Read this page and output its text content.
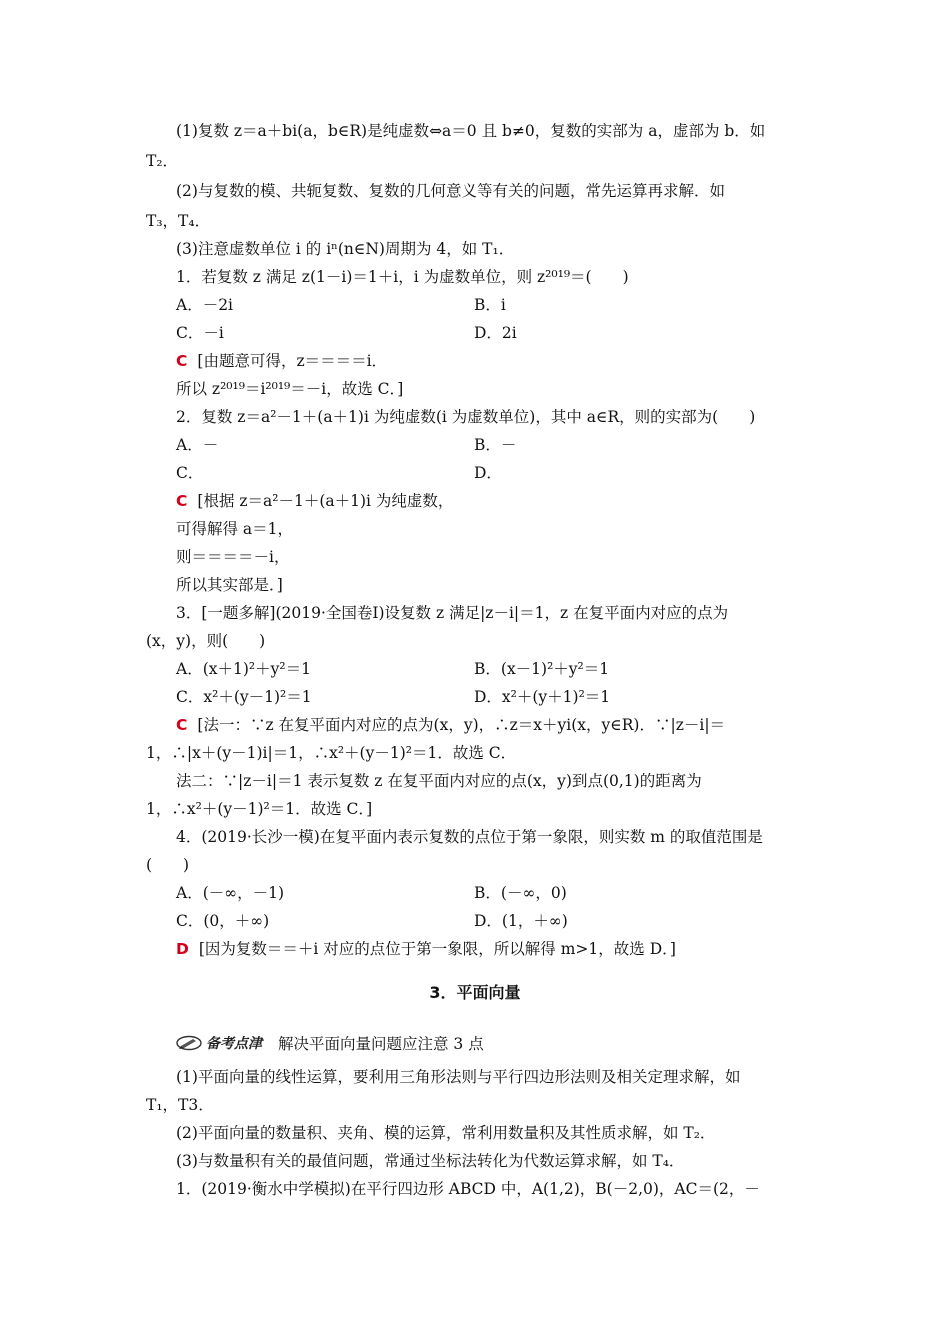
(1)复数 z＝a＋bi(a，b∈R)是纯虚数⇔a＝0 且 b≠0，复数的实部为 a，虚部为 b．如
T₂．
(2)与复数的模、共轭复数、复数的几何意义等有关的问题，常先运算再求解．如
T₃，T₄．
(3)注意虚数单位 i 的 iⁿ(n∈N)周期为 4，如 T₁．
1．若复数 z 满足 z(1－i)＝1＋i，i 为虚数单位，则 z²⁰¹⁹＝(　　)
A．－2i	B．i
C．－i	D．2i
C [由题意可得，z＝＝＝＝i．
所以 z²⁰¹⁹＝i²⁰¹⁹＝－i，故选 C．]
2．复数 z＝a²－1＋(a＋1)i 为纯虚数(i 为虚数单位)，其中 a∈R，则的实部为(　　)
A．－	B．－
C．	D．
C [根据 z＝a²－1＋(a＋1)i 为纯虚数，
可得解得 a＝1，
则＝＝＝＝－i，
所以其实部是．]
3．[一题多解](2019·全国卷Ⅰ)设复数 z 满足|z－i|＝1，z 在复平面内对应的点为
(x，y)，则(　　)
A．(x＋1)²＋y²＝1	B．(x－1)²＋y²＝1
C．x²＋(y－1)²＝1	D．x²＋(y＋1)²＝1
C [法一：∵z 在复平面内对应的点为(x，y)，∴z＝x＋yi(x，y∈R)．∵|z－i|＝
1，∴|x＋(y－1)i|＝1，∴x²＋(y－1)²＝1．故选 C．
法二：∵|z－i|＝1 表示复数 z 在复平面内对应的点(x，y)到点(0,1)的距离为
1，∴x²＋(y－1)²＝1．故选 C．]
4．(2019·长沙一模)在复平面内表示复数的点位于第一象限，则实数 m 的取值范围是
(　　)
A．(－∞，－1)	B．(－∞，0)
C．(0，＋∞)	D．(1，＋∞)
D [因为复数＝＝＋i 对应的点位于第一象限，所以解得 m>1，故选 D．]
3．平面向量
备考点津 解决平面向量问题应注意 3 点
(1)平面向量的线性运算，要利用三角形法则与平行四边形法则及相关定理求解，如
T₁，T3．
(2)平面向量的数量积、夹角、模的运算，常利用数量积及其性质求解，如 T₂．
(3)与数量积有关的最值问题，常通过坐标法转化为代数运算求解，如 T₄．
1．(2019·衡水中学模拟)在平行四边形 ABCD 中，A(1,2)，B(－2,0)，AC＝(2，－
